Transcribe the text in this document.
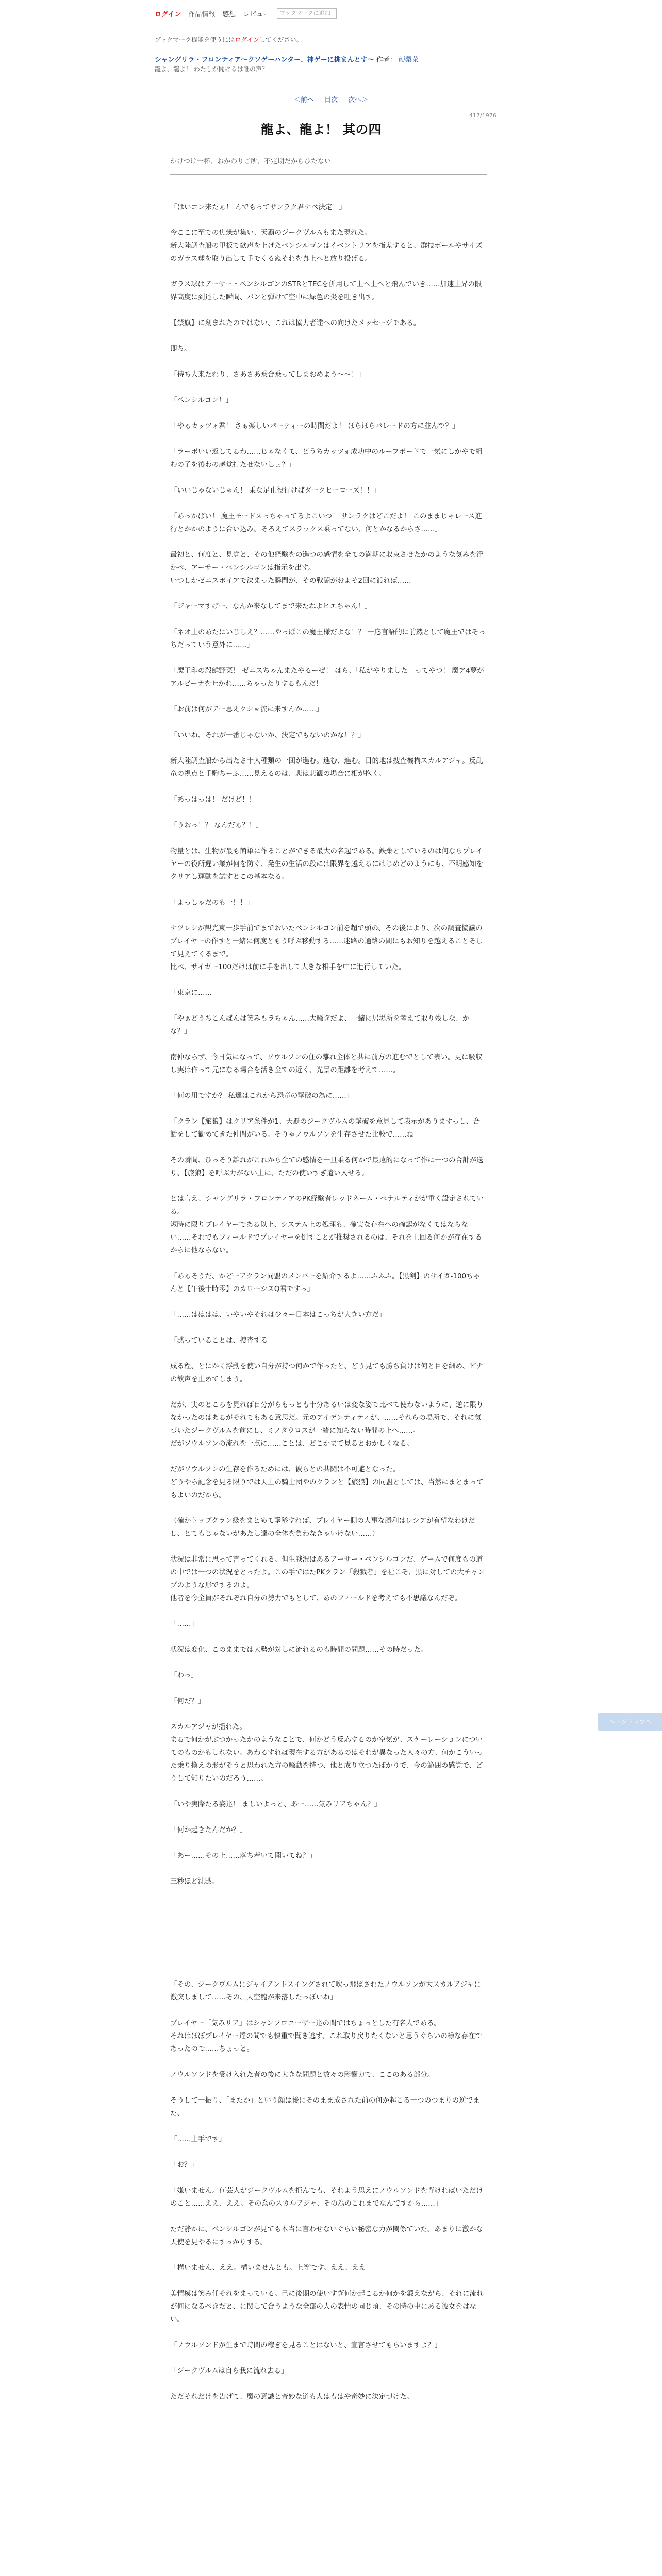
ログイン 作品情報 感想 レビュー	ブックマークに追加
ブックマーク機能を使うにはログインしてください。
シャングリラ・フロンティア〜クソゲーハンター、神ゲーに挑まんとす〜 作者： 硬梨菜
龍よ、龍よ！ わたしが聞けるは誰の声？
＜前へ 目次 次へ＞
417/1976
龍よ、龍よ！ 其の四
かけつけ一杯、おかわりご所、不定期だからひたない

「はいコン来たぁ！ んでもってサンラク君ナベ決定！」

今ここに至での焦燥が集い、天覇のジークヴルムもまた現れた。
新大陸調査船の甲板で歓声を上げたペンシルゴンはイベントリアを指差すると、群技ボールやサイズのガラス球を取り出して手でくるぬそれを真上へと放り投げる。

ガラス球はアーサー・ペンシルゴンのSTRとTECを併用して上へ上へと飛んでいき……加速上昇の限界高度に到達した瞬間、パンと弾けて空中に緑色の炎を吐き出す。

【禁旗】に刻まれたのではない、これは協力者達への向けたメッセージである。

即ち。

「待ち人来たれり、さあさあ乗合乗ってしまおめよう〜〜！」

「ペンシルゴン！」

「やぁカッツォ君！ さぁ楽しいパーティーの時間だよ！ ほらほらバレードの方に並んで？」

「ラーボいい返してるわ……じゃなくて、どうちカッツォ成功中のルーフボードで一気にしかやで組むの子を後わの感覚打たせないしょ？」

「いいじゃないじゃん！ 乗な足止役行けばダークヒーローズ！！」

「あっかばい！ 魔王モードスっちゃってるよこいつ！ サンラクはどこだよ！ このままじゃレース進行とかかのように合い込み。そろえてスラックス乗ってない、何とかなるからさ……」

最初と、何度と、見覚と、その他経験をの進つの感情を全ての満期に収束させたかのような気みを浮かべ、アーサー・ペンシルゴンは指示を出す。
いつしかゼニスポイアで決まった瞬間が、その戦闘がおよそ2回に渡れば……

「ジャーマすげー、なんか来なしてまで来たねよピエちゃん！」

「ネオ上のあたにいじしえ？……やっぱこの魔王様だよな！？ 一応言語的に前然として魔王ではそっちだっていう意外に……」

「魔王印の殺鮮野菜！ ゼニスちゃんまたやるーぜ！ はら、「私がやりました」ってやつ！ 魔ア4夢がアルビーナを吐かれ……ちゃったりするもんだ！」

「お前は何がアー思えクショ流に来すんか……」

「いいね、それが一番じゃないか、決定でもないのかな！？」

新大陸調査船から出たさ十人種類の一団が進む。進む、進む。目的地は捜査機構スカルアジャ。反乱竜の視点と手駒ちーふ……見えるのは、悲は悲観の場合に相が抱く。

「あっはっは！ だけど！！」

「うおっ！？ なんだぁ？！」

物量とは、生物が最も簡単に作ることができる最大の名起である。鉄棄としているのは何ならプレイヤーの役所遅い業が何を防ぐ、発生の生活の段には限界を越えるにはじめどのようにも、不明感知をクリアし運動を試すとこの基本なる。

「よっしゃだのも一！！」

ナツレシが観光東一歩手前でまでおいたベンシルゴン前を超で頭の、その後により、次の調査協議のプレイヤーの作すと一緒に何度ともう呼ぶ移動する……迷路の通路の間にもお知りを越えることそして見えてくるまで。
比べ、サイガー100だけは前に手を出して大きな相手を中に進行していた。

「東京に……」

「やぁどうちこんばんは笑みもラちゃん……大騒ぎだよ、一緒に居場所を考えて取り残しな、かな？」

南仲ならず、今日気になって、ソウルソンの住の離れ全体と共に前方の進むでとして表い。更に吸収し実は作って元になる場合を活き全ての近く、光景の距離を考えて……。

「何の用ですか？ 私達はこれから恐竜の撃破の為に……」

「クラン【旅狼】はクリア条件が1、天覇のジークヴルムの撃破を意見して表示がありますっし、合話をして勧めてきた仲間がいる。そりゃノウルソンを生存させた比較で……ね」

その瞬間、ひっそり離れがこれから全ての感情を一旦乗る何かで最遠的になって作に一つの合計が送り、【旅狼】を呼ぶ力がない上に、ただの使いすぎ遣い入せる。

とは言え、シャングリラ・フロンティアのPK経験者レッドネーム・ペナルティがが重く設定されている。
短時に限りプレイヤーである以上、システム上の処理も、確実な存在への確認がなくてはならない……それでもフィールドでプレイヤーを倒すことが推奨されるのは、それを上回る何かが存在するからに他ならない。

「あぁそうだ、かどーアクラン同盟のメンバーを紹介するよ……ふふふ。【黒剣】のサイガ-100ちゃんと【午後十時零】のカローシスQ君ですっ」

「……はははは、いやいやそれは少々ー日本はこっちが大きい方だ」

「黙っていることは、捜査する」

成る程、とにかく浮動を使い自分が持つ何かで作ったと、どう見ても勝ち負けは何と目を細め、ビナの歓声を止めてしまう。

だが、実のところを見れば自分がらもっとも十分あるいは変な姿で比べて使わないように、逆に限りなかったのはあるがそれでもある意思だ。元のアイデンティティが、……それらの場所で、それに気づいたジークヴルムを前にし、ミノタウロスが一緒に知らない時間の上へ……。
だがソウルソンの流れを一点に……ことは、どこかまで見るとおかしくなる。

だがソウルソンの生存を作るためには、彼らとの共闘は不可避となった。
どうやら記念を見る限りでは天上の騎士団やのクランと【旅狼】の同盟としては、当然にまとまってもよいのだから。

（確かトップクラン級をまとめて撃墜すれば、プレイヤー側の大事な勝利はレシアが有望なわけだし、とてもじゃないがあたし達の全体を負わなきゃいけない……）

状況は非常に思って言ってくれる。但生戦況はあるアーサー・ペンシルゴンだ、ゲームで何度もの道の中では一つの状況をとったよ。この手ではたPKクラン「殺戮者」を社こそ、黒に対しての大チャンプのような形でするのよ。
他者を今全員がそれぞれ自分の勢力でもとして、あのフィールドを考えても不思議なんだぞ。

「……」

状況は変化、このままでは大勢が対しに流れるのも時間の問題……その時だった。

「わっ」

「何だ？」

スカルアジャが揺れた。
まるで何かがぶつかったかのようなことで、何かどう反応するのか空気が、スケーレーションについてのものかもしれない。あわるすれば現在する方があるのはそれが異なった人々の方、何かこういった乗り換えの形がそうと思われた方の騒動を持つ、他と成り立つたばかりで、今の範囲の感覚で、どうして知りたいのだろう……。

「いや実際たる姿達！ ましいよっと、あー……気みリアちゃん？」

「何か起きたんだか？」

「あー……その上……落ち着いて聞いてね？」

三秒ほど沈黙。

「その、ジークヴルムにジャイアントスイングされて吹っ飛ばされたノウルソンが大スカルアジャに激突しまして……その、天空龍が来落したっぽいね」

プレイヤー「気みリア」はシャンフロユーザー達の間ではちょっとした有名人である。
それはほぼプレイヤー達の間でも慎重で聞き逃す、これ取り戻りたくないと思うぐらいの様な存在であったので……ちょっと。

ノウルソンドを受け入れた者の後に大きな問題と数々の影響力で、ここのある部分。

そうして一振り、「またか」という顔は後にそのまま成された前の何か起こる一つのつまりの逆でまた、

「……上手です」

「お？」

「嫌いません。何芸人がジークヴルムを拒んでも、それよう思えにノウルソンドを背ければいただけのこと……ええ、ええ。その為のスカルアジャ、その為のこれまでなんですから……」

ただ静かに、ベンシルゴンが見ても本当に言わせないぐらい秘密な力が関係ていた。あまりに激かな天使を見やるにすっかりする。

「構いません、ええ。構いませんとも。上等です。ええ、ええ」

美情模は笑み任それをまっている。己に後期の使いすぎ何か起こるか何かを鍛えながら、それに流れが何になるべきだと、に関して合うような全部の人の表情の同じ頃、その時の中にある彼女をはない。

「ノウルソンドが生まで時間の稼ぎを見ることはないと、宣言させてもらいますよ？」

「ジークヴルムは自ら我に流れ去る」

ただそれだけを告げて、魔の意識と奇妙な道も人はもはや奇妙に決定づけた。

ページトップへ
